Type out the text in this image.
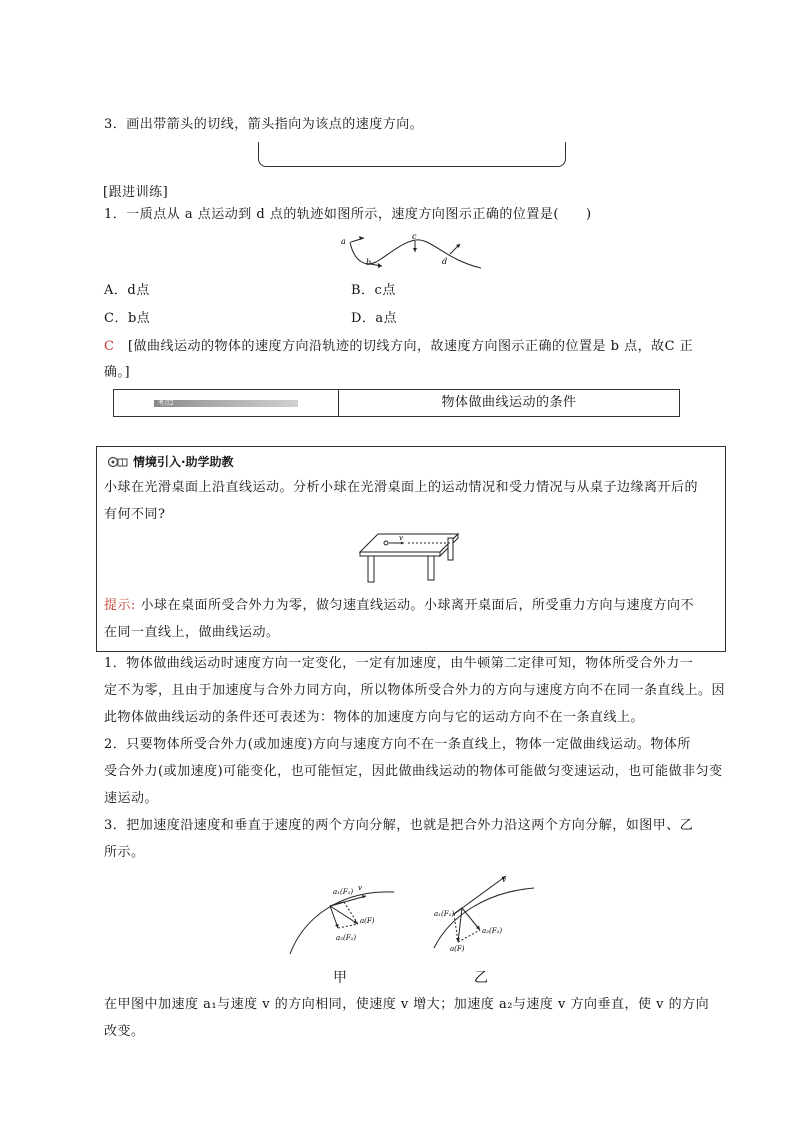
3．画出带箭头的切线，箭头指向为该点的速度方向。
[跟进训练]
1．一质点从 a 点运动到 d 点的轨迹如图所示，速度方向图示正确的位置是(　　)
a
b
c
d
A．d点	B．c点
C．b点	D．a点
C　[做曲线运动的物体的速度方向沿轨迹的切线方向，故速度方向图示正确的位置是 b 点，故C 正
确。]
考点2	物体做曲线运动的条件
情境引入·助学助教
小球在光滑桌面上沿直线运动。分析小球在光滑桌面上的运动情况和受力情况与从桌子边缘离开后的
有何不同?
v
提示: 小球在桌面所受合外力为零，做匀速直线运动。小球离开桌面后，所受重力方向与速度方向不
在同一直线上，做曲线运动。
1．物体做曲线运动时速度方向一定变化，一定有加速度，由牛顿第二定律可知，物体所受合外力一
定不为零，且由于加速度与合外力同方向，所以物体所受合外力的方向与速度方向不在同一条直线上。因
此物体做曲线运动的条件还可表述为：物体的加速度方向与它的运动方向不在一条直线上。
2．只要物体所受合外力(或加速度)方向与速度方向不在一条直线上，物体一定做曲线运动。物体所
受合外力(或加速度)可能变化，也可能恒定，因此做曲线运动的物体可能做匀变速运动，也可能做非匀变
速运动。
3．把加速度沿速度和垂直于速度的两个方向分解，也就是把合外力沿这两个方向分解，如图甲、乙
所示。
a₁(F₁) v
a(F)
a₂(F₂)
a₁(F₁)
v
a₂(F₂)
a(F)
甲	乙
在甲图中加速度 a₁与速度 v 的方向相同，使速度 v 增大；加速度 a₂与速度 v 方向垂直，使 v 的方向
改变。
